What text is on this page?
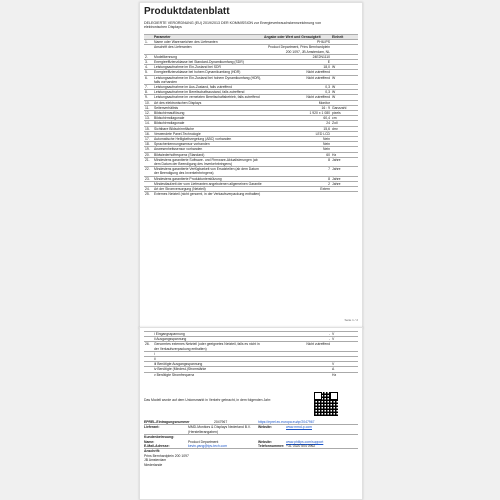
Produktdatenblatt
DELEGIERTE VERORDNUNG (EU) 2019/2013 DER KOMMISSION zur Energieverbrauchskennzeichnung von elektronischen Displays
	Parameter	Angabe oder Wert und Genauigkeit	Einheit
1.	Name oder Warenzeichen des Lieferanten	PHILIPS	
	Anschrift des Lieferanten	Product Department, Prins Bernhardplein 200 1097, JB Amsterdam, NL	
2.	Modellkennung	24E2N1110	
3.	Energieeffizienzklasse bei Standard-Dynamikumfang (SDR)	E	
4.	Leistungsaufnahme im Ein-Zustand bei SDR	18,0	W
5.	Energieeffizienzklasse bei hohem Dynamikumfang (HDR)	Nicht zutreffend	
6.	Leistungsaufnahme im Ein-Zustand bei hohem Dynamikumfang (HDR), falls vorhanden	Nicht zutreffend	W
7.	Leistungsaufnahme im Aus-Zustand, falls zutreffend	0,3	W
8.	Leistungsaufnahme im Bereitschaftszustand, falls zutreffend	0,3	W
9.	Leistungsaufnahme im vernetzten Bereitschaftsbetrieb, falls zutreffend	Nicht zutreffend	W
10.	Art des elektronischen Displays	Monitor	
11.	Seitenverhältnis	16 : 9	Ganzzahl
12.	Bildschirmauflösung	1 920 x 1 080	pixels
13.	Bildschirmdiagonale	60,4	cm
14.	Bildschirmdiagonale	24	Zoll
15.	Sichtbare Bildschirmfläche	15,6	dm²
16.	Verwendete Panel-Technologie	LED LCD	
17.	Automatische Helligkeitsregelung (ABC) vorhanden	Nein	
18.	Spracherkennungssensor vorhanden	Nein	
19.	Anwesenheitssensor vorhanden	Nein	
20.	Bildwiederholfrequenz (Standard)	60	Hz
21.	Mindestens garantierte Software- und Firmware-Aktualisierungen (ab dem Datum der Beendigung des Inverkehrbringens)	8	Jahre
22.	Mindestens garantierte Verfügbarkeit von Ersatzteilen (ab dem Datum der Beendigung des Inverkehrbringens)	7	Jahre
23.	Mindestens garantierte Produktunterstützung	8	Jahre
	Mindestlaufzeit der vom Lieferanten angebotenen allgemeinen Garantie	2	Jahre
24.	Art der Stromversorgung (Netzteil)	Extern	
25.	Externes Netzteil (nicht genormt, in der Verkaufsverpackung enthalten)		
Seite 1 / 2
	i Eingangsspannung	-	V
	ii Ausgangsspannung	-	V
26.	Genormtes externes Netzteil (oder geeignetes Netzteil, falls es nicht in der Verkaufsverpackung enthalten)	Nicht zutreffend	
	i		
	ii		
	iii Benötigte Ausgangsspannung		V
	iv Benötigte (Mindest-)Stromstärke		A
	v Benötigte Stromfrequenz		Hz
Das Modell wurde auf dem Unionsmarkt in Verkehr gebracht, in dem folgenden Jahr:
EPREL-Eintragungsnummer	2047967	https://eprel.ec.europa.eu/qr/2047967
Lieferant:	MMD-Monitors & Displays Nederland B.V. (Herstellerangaben)
Website:	www.mmd-p.com
Kundenbetreuung:
Name:	Product Department	Website:	www.philips.com/support
E-Mail-Adresse:	kevin.yang@tpv-tech.com	Telefonnummer: +31 0320 504 0962
Anschrift:
Prins Bernhardplein 200 1097
JB Amsterdam
Niederlande
